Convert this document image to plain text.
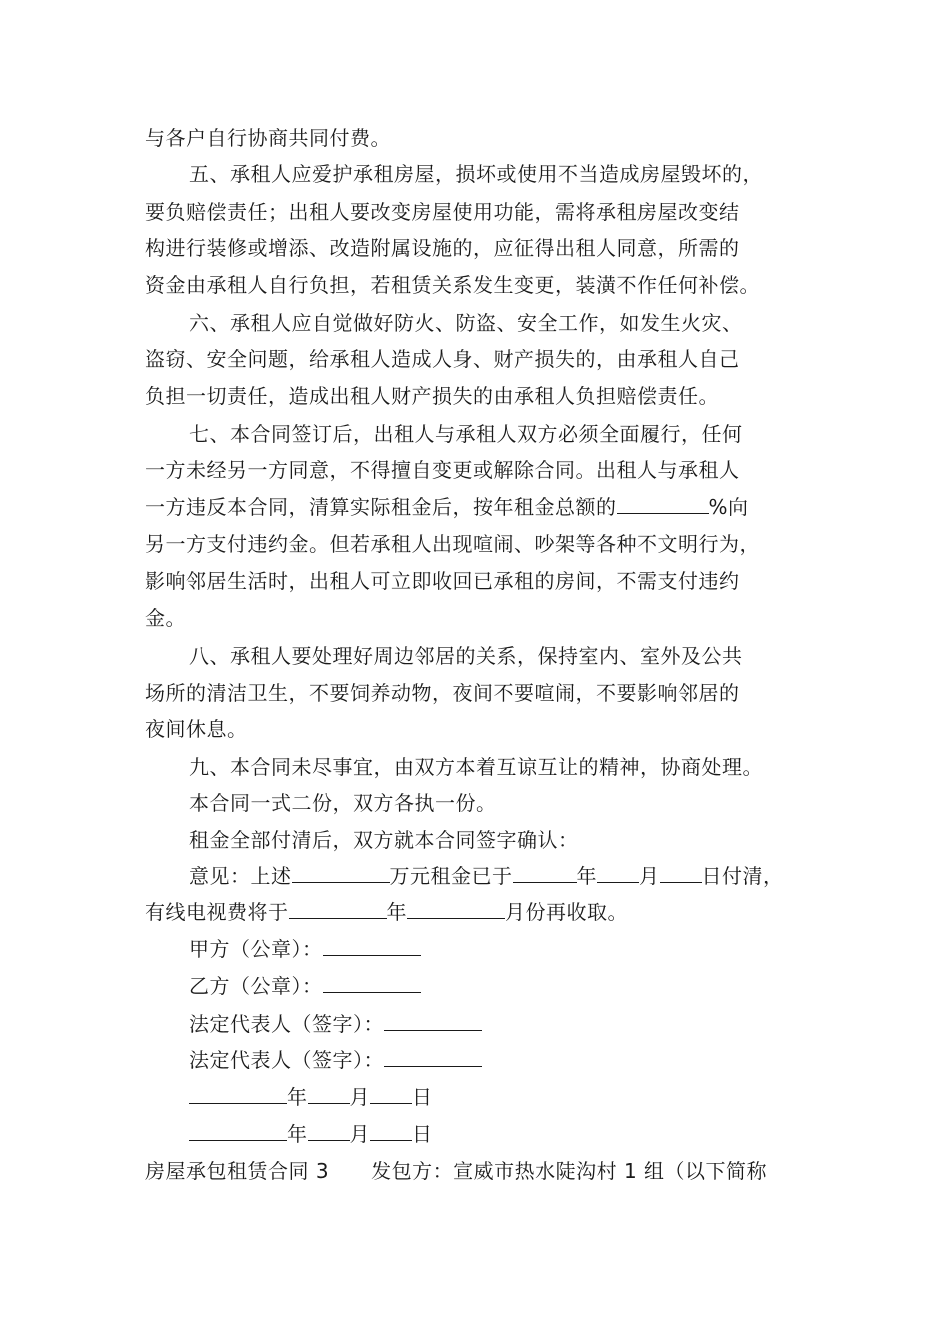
与各户自行协商共同付费。
五、承租人应爱护承租房屋，损坏或使用不当造成房屋毁坏的，
要负赔偿责任；出租人要改变房屋使用功能，需将承租房屋改变结
构进行装修或增添、改造附属设施的，应征得出租人同意，所需的
资金由承租人自行负担，若租赁关系发生变更，装潢不作任何补偿。
六、承租人应自觉做好防火、防盗、安全工作，如发生火灾、
盗窃、安全问题，给承租人造成人身、财产损失的，由承租人自己
负担一切责任，造成出租人财产损失的由承租人负担赔偿责任。
七、本合同签订后，出租人与承租人双方必须全面履行，任何
一方未经另一方同意，不得擅自变更或解除合同。出租人与承租人
一方违反本合同，清算实际租金后，按年租金总额的	%向
另一方支付违约金。但若承租人出现喧闹、吵架等各种不文明行为，
影响邻居生活时，出租人可立即收回已承租的房间，不需支付违约
金。
八、承租人要处理好周边邻居的关系，保持室内、室外及公共
场所的清洁卫生，不要饲养动物，夜间不要喧闹，不要影响邻居的
夜间休息。
九、本合同未尽事宜，由双方本着互谅互让的精神，协商处理。
本合同一式二份，双方各执一份。
租金全部付清后，双方就本合同签字确认：
意见：上述	万元租金已于	年 月 日付清，
有线电视费将于	年	月份再收取。
甲方（公章）：
乙方（公章）：
法定代表人（签字）：
法定代表人（签字）：
年 月 日
年 月 日
房屋承包租赁合同 3 发包方：宣威市热水陡沟村 1 组（以下简称
